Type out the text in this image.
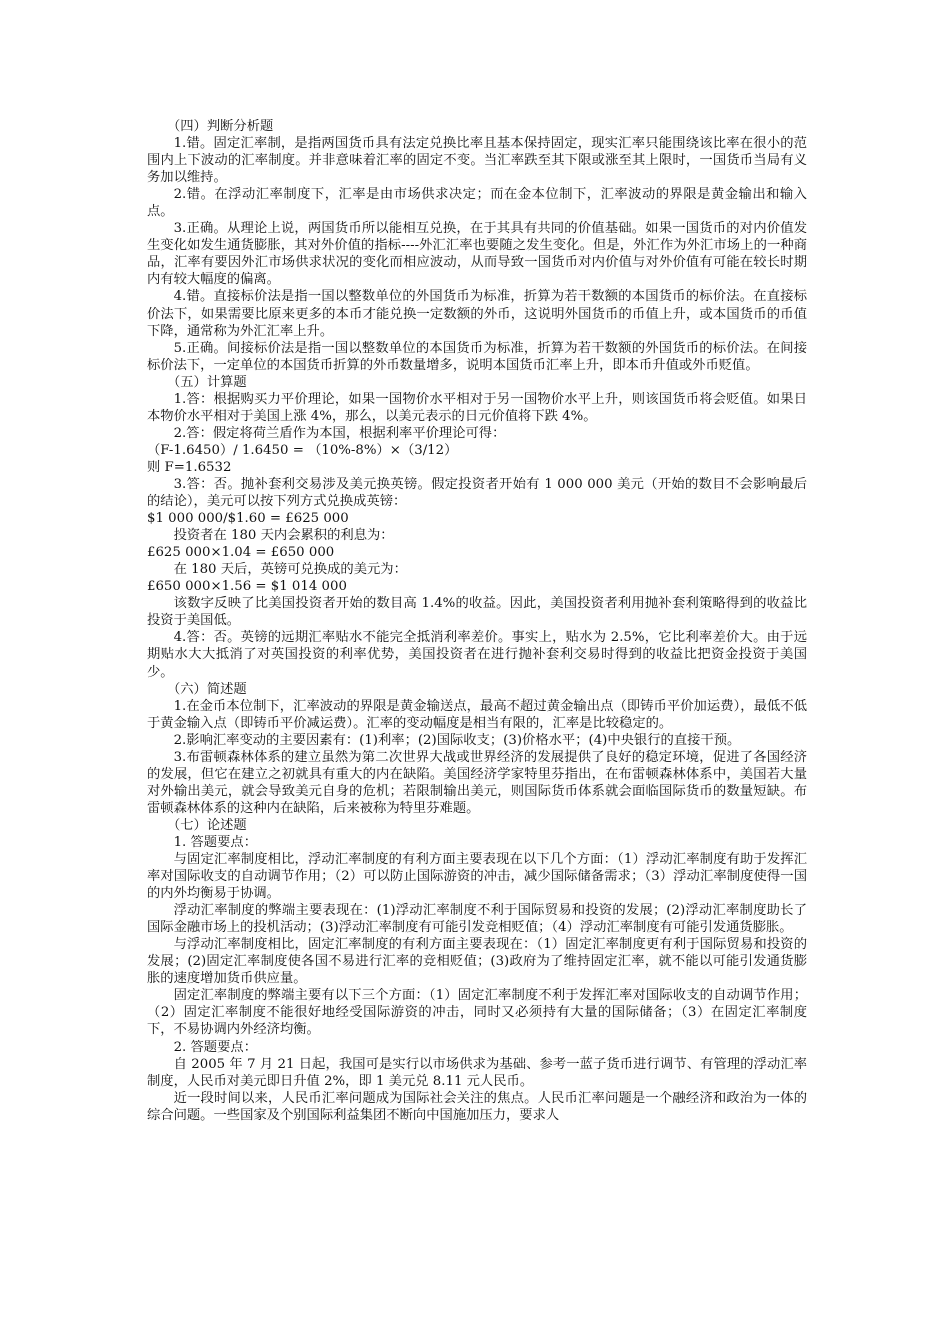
（四）判断分析题

1.错。固定汇率制，是指两国货币具有法定兑换比率且基本保持固定，现实汇率只能围绕该比率在很小的范围内上下波动的汇率制度。并非意味着汇率的固定不变。当汇率跌至其下限或涨至其上限时，一国货币当局有义务加以维持。

2.错。在浮动汇率制度下，汇率是由市场供求决定；而在金本位制下，汇率波动的界限是黄金输出和输入点。

3.正确。从理论上说，两国货币所以能相互兑换，在于其具有共同的价值基础。如果一国货币的对内价值发生变化如发生通货膨胀，其对外价值的指标----外汇汇率也要随之发生变化。但是，外汇作为外汇市场上的一种商品，汇率有要因外汇市场供求状况的变化而相应波动，从而导致一国货币对内价值与对外价值有可能在较长时期内有较大幅度的偏离。

4.错。直接标价法是指一国以整数单位的外国货币为标准，折算为若干数额的本国货币的标价法。在直接标价法下，如果需要比原来更多的本币才能兑换一定数额的外币，这说明外国货币的币值上升，或本国货币的币值下降，通常称为外汇汇率上升。

5.正确。间接标价法是指一国以整数单位的本国货币为标准，折算为若干数额的外国货币的标价法。在间接标价法下，一定单位的本国货币折算的外币数量增多，说明本国货币汇率上升，即本币升值或外币贬值。

（五）计算题

1.答：根据购买力平价理论，如果一国物价水平相对于另一国物价水平上升，则该国货币将会贬值。如果日本物价水平相对于美国上涨 4%，那么，以美元表示的日元价值将下跌 4%。

2.答：假定将荷兰盾作为本国，根据利率平价理论可得：

（F-1.6450）/ 1.6450 = （10%-8%）×（3/12）

则 F=1.6532

3.答：否。抛补套利交易涉及美元换英镑。假定投资者开始有 1 000 000 美元（开始的数目不会影响最后的结论），美元可以按下列方式兑换成英镑：

$1 000 000/$1.60 = £625 000

投资者在 180 天内会累积的利息为：

£625 000×1.04 = £650 000

在 180 天后，英镑可兑换成的美元为：

£650 000×1.56 = $1 014 000

该数字反映了比美国投资者开始的数目高 1.4%的收益。因此，美国投资者利用抛补套利策略得到的收益比投资于美国低。

4.答：否。英镑的远期汇率贴水不能完全抵消利率差价。事实上，贴水为 2.5%，它比利率差价大。由于远期贴水大大抵消了对英国投资的利率优势，美国投资者在进行抛补套利交易时得到的收益比把资金投资于美国少。

（六）简述题

1.在金币本位制下，汇率波动的界限是黄金输送点，最高不超过黄金输出点（即铸币平价加运费），最低不低于黄金输入点（即铸币平价减运费）。汇率的变动幅度是相当有限的，汇率是比较稳定的。

2.影响汇率变动的主要因素有：(1)利率；(2)国际收支；(3)价格水平；(4)中央银行的直接干预。

3.布雷顿森林体系的建立虽然为第二次世界大战或世界经济的发展提供了良好的稳定环境，促进了各国经济的发展，但它在建立之初就具有重大的内在缺陷。美国经济学家特里芬指出，在布雷顿森林体系中，美国若大量对外输出美元，就会导致美元自身的危机；若限制输出美元，则国际货币体系就会面临国际货币的数量短缺。布雷顿森林体系的这种内在缺陷，后来被称为特里芬难题。

（七）论述题

1. 答题要点：

与固定汇率制度相比，浮动汇率制度的有利方面主要表现在以下几个方面：（1）浮动汇率制度有助于发挥汇率对国际收支的自动调节作用；（2）可以防止国际游资的冲击，减少国际储备需求；（3）浮动汇率制度使得一国的内外均衡易于协调。

浮动汇率制度的弊端主要表现在：(1)浮动汇率制度不利于国际贸易和投资的发展；(2)浮动汇率制度助长了国际金融市场上的投机活动；(3)浮动汇率制度有可能引发竞相贬值；（4）浮动汇率制度有可能引发通货膨胀。

与浮动汇率制度相比，固定汇率制度的有利方面主要表现在：（1）固定汇率制度更有利于国际贸易和投资的发展；(2)固定汇率制度使各国不易进行汇率的竞相贬值；(3)政府为了维持固定汇率，就不能以可能引发通货膨胀的速度增加货币供应量。

固定汇率制度的弊端主要有以下三个方面：（1）固定汇率制度不利于发挥汇率对国际收支的自动调节作用；（2）固定汇率制度不能很好地经受国际游资的冲击，同时又必须持有大量的国际储备；（3）在固定汇率制度下，不易协调内外经济均衡。

2. 答题要点：

自 2005 年 7 月 21 日起，我国可是实行以市场供求为基础、参考一蓝子货币进行调节、有管理的浮动汇率制度，人民币对美元即日升值 2%，即 1 美元兑 8.11 元人民币。

近一段时间以来，人民币汇率问题成为国际社会关注的焦点。人民币汇率问题是一个融经济和政治为一体的综合问题。一些国家及个别国际利益集团不断向中国施加压力，要求人
